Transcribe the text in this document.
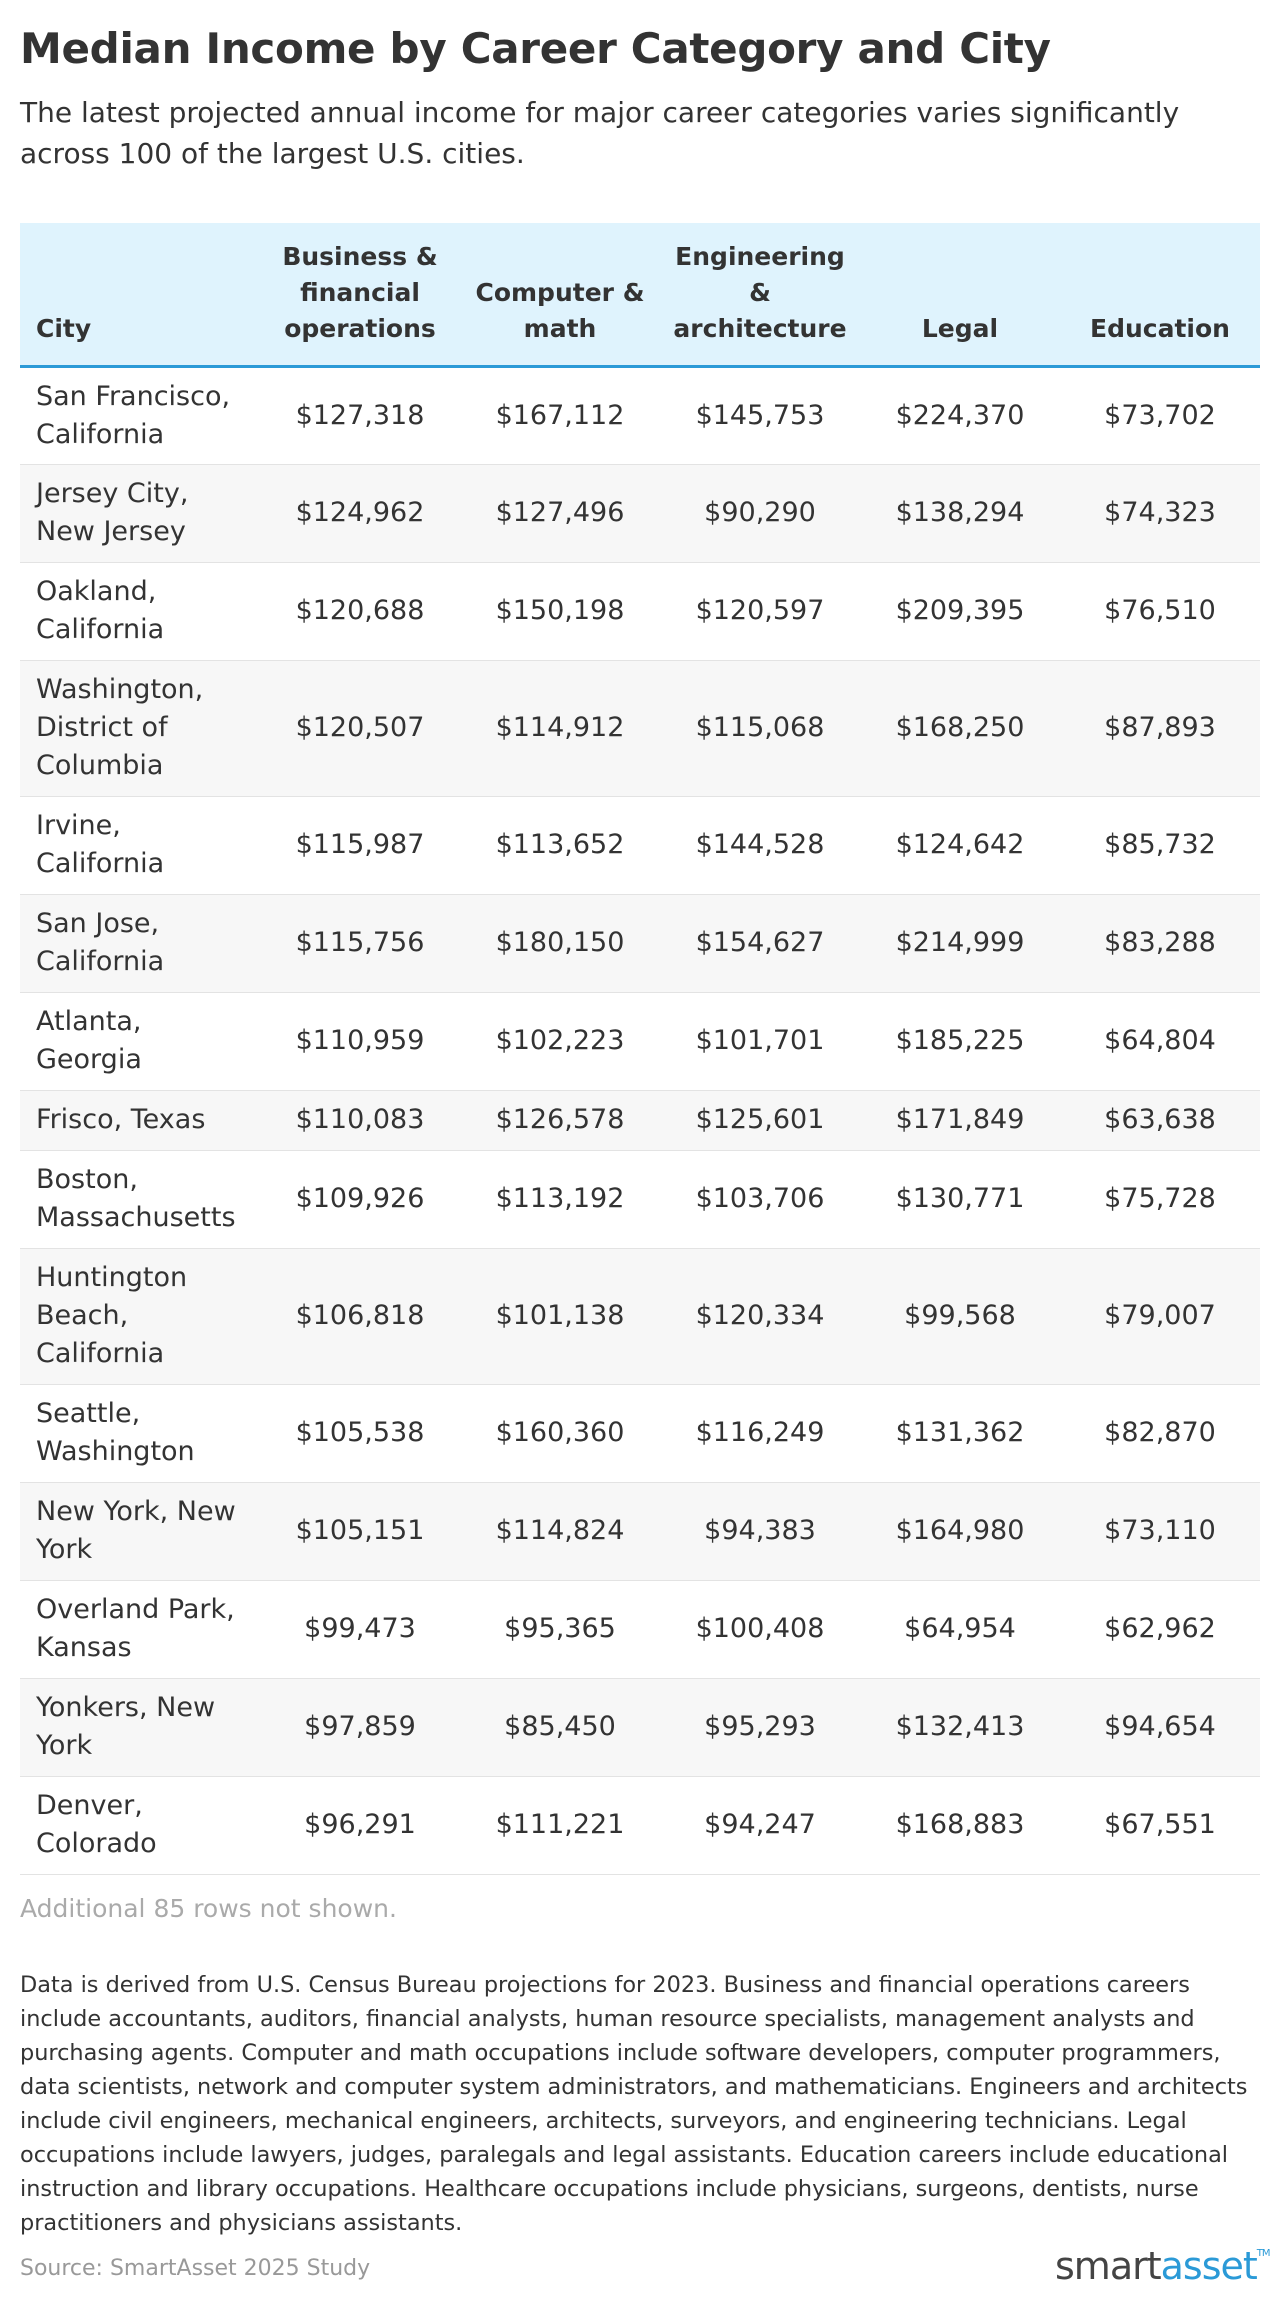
Median Income by Career Category and City

The latest projected annual income for major career categories varies significantly across 100 of the largest U.S. cities.

City	Business & financial operations	Computer & math	Engineering & architecture	Legal	Education
San Francisco, California	$127,318	$167,112	$145,753	$224,370	$73,702
Jersey City, New Jersey	$124,962	$127,496	$90,290	$138,294	$74,323
Oakland, California	$120,688	$150,198	$120,597	$209,395	$76,510
Washington, District of Columbia	$120,507	$114,912	$115,068	$168,250	$87,893
Irvine, California	$115,987	$113,652	$144,528	$124,642	$85,732
San Jose, California	$115,756	$180,150	$154,627	$214,999	$83,288
Atlanta, Georgia	$110,959	$102,223	$101,701	$185,225	$64,804
Frisco, Texas	$110,083	$126,578	$125,601	$171,849	$63,638
Boston, Massachusetts	$109,926	$113,192	$103,706	$130,771	$75,728
Huntington Beach, California	$106,818	$101,138	$120,334	$99,568	$79,007
Seattle, Washington	$105,538	$160,360	$116,249	$131,362	$82,870
New York, New York	$105,151	$114,824	$94,383	$164,980	$73,110
Overland Park, Kansas	$99,473	$95,365	$100,408	$64,954	$62,962
Yonkers, New York	$97,859	$85,450	$95,293	$132,413	$94,654
Denver, Colorado	$96,291	$111,221	$94,247	$168,883	$67,551
Additional 85 rows not shown.

Data is derived from U.S. Census Bureau projections for 2023. Business and financial operations careers include accountants, auditors, financial analysts, human resource specialists, management analysts and purchasing agents. Computer and math occupations include software developers, computer programmers, data scientists, network and computer system administrators, and mathematicians. Engineers and architects include civil engineers, mechanical engineers, architects, surveyors, and engineering technicians. Legal occupations include lawyers, judges, paralegals and legal assistants. Education careers include educational instruction and library occupations. Healthcare occupations include physicians, surgeons, dentists, nurse practitioners and physicians assistants.

Source: SmartAsset 2025 Study	smartasset™
